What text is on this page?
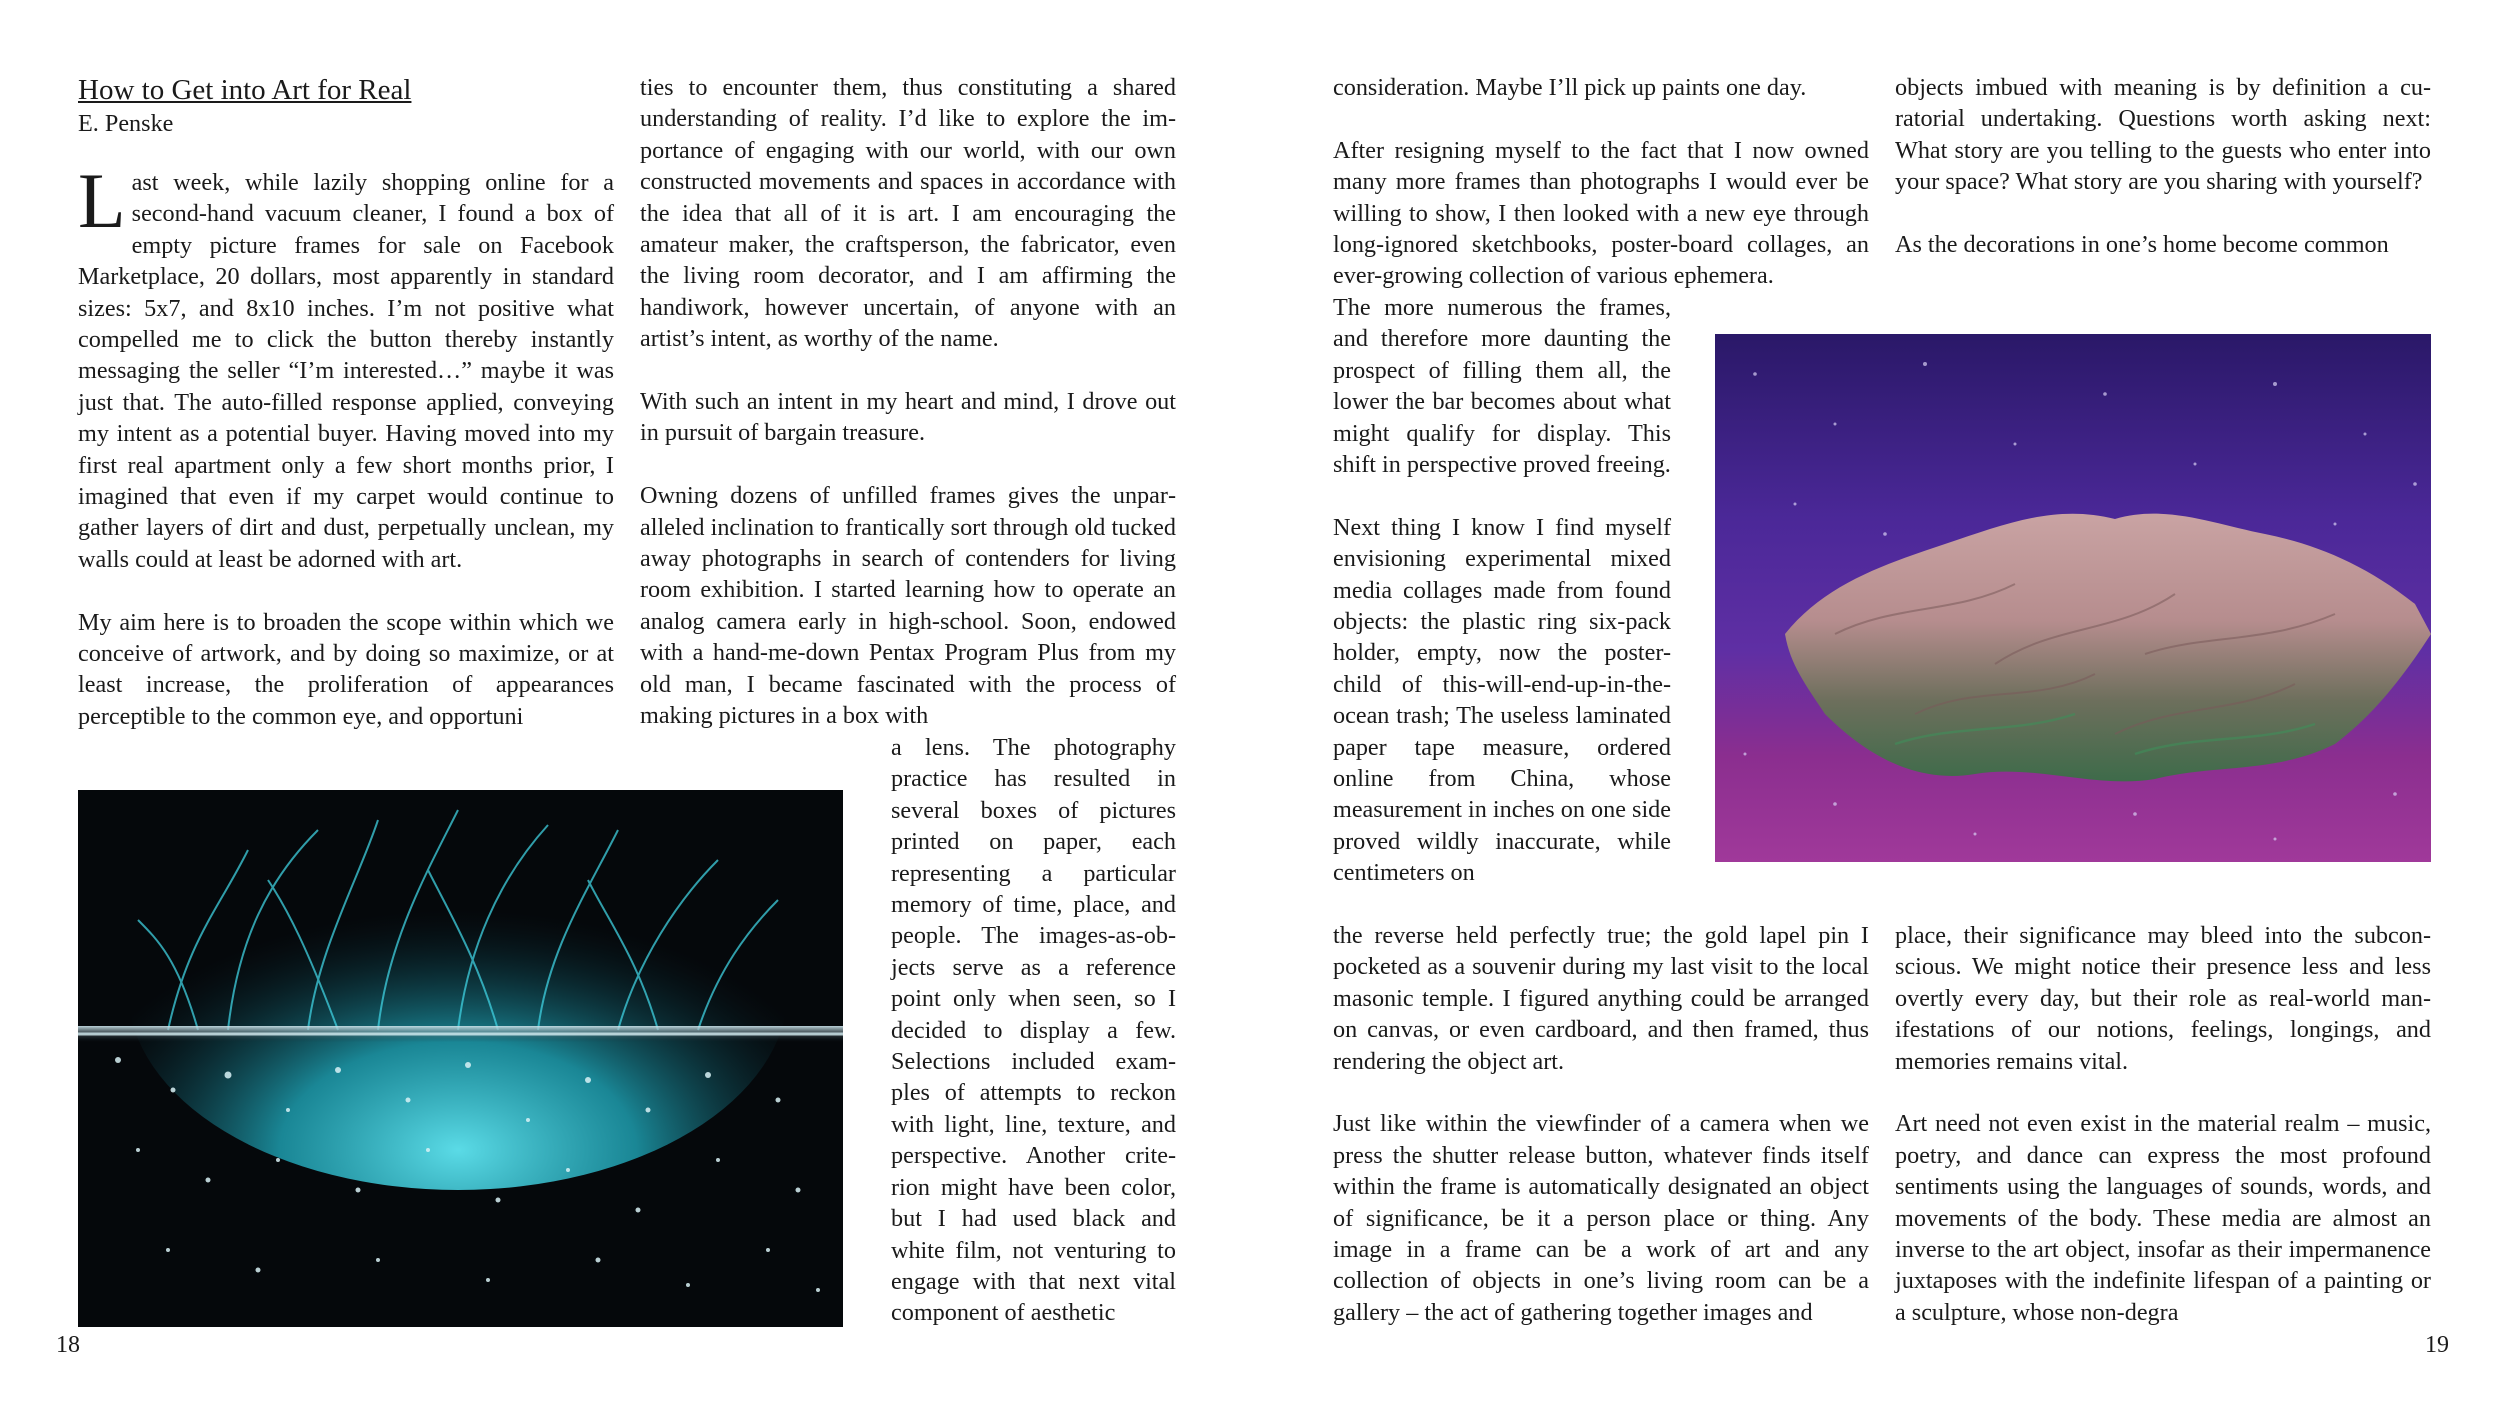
How to Get into Art for Real
E. Penske

Last week, while lazily shopping online for a second-hand vacuum cleaner, I found a box of empty picture frames for sale on Facebook Marketplace, 20 dollars, most apparently in standard sizes: 5x7, and 8x10 inches. I’m not positive what compelled me to click the button thereby instantly messaging the seller “I’m interested…” maybe it was just that. The auto-filled response applied, conveying my intent as a potential buyer. Having moved into my first real apartment only a few short months prior, I imagined that even if my carpet would continue to gather layers of dirt and dust, perpetually unclean, my walls could at least be adorned with art.

My aim here is to broaden the scope within which we conceive of artwork, and by doing so maximize, or at least increase, the proliferation of appearances perceptible to the common eye, and opportuni

ties to encounter them, thus constituting a shared understanding of reality. I’d like to explore the importance of engaging with our world, with our own constructed movements and spaces in accordance with the idea that all of it is art. I am encouraging the amateur maker, the craftsperson, the fabricator, even the living room decorator, and I am affirming the handiwork, however uncertain, of anyone with an artist’s intent, as worthy of the name.

With such an intent in my heart and mind, I drove out in pursuit of bargain treasure.

Owning dozens of unfilled frames gives the unparalleled inclination to frantically sort through old tucked away photographs in search of contenders for living room exhibition. I started learning how to operate an analog camera early in high-school. Soon, endowed with a hand-me-down Pentax Program Plus from my old man, I became fascinated with the process of making pictures in a box with

a lens. The photography practice has resulted in several boxes of pictures printed on paper, each representing a particular memory of time, place, and people. The images-as-objects serve as a reference point only when seen, so I decided to display a few. Selections included examples of attempts to reckon with light, line, texture, and perspective. Another criterion might have been color, but I had used black and white film, not venturing to engage with that next vital component of aesthetic

18

consideration. Maybe I’ll pick up paints one day.

After resigning myself to the fact that I now owned many more frames than photographs I would ever be willing to show, I then looked with a new eye through long-ignored sketchbooks, poster-board collages, an ever-growing collection of various ephemera.

The more numerous the frames, and therefore more daunting the prospect of filling them all, the lower the bar becomes about what might qualify for display. This shift in perspective proved freeing.

Next thing I know I find myself envisioning experimental mixed media collages made from found objects: the plastic ring six-pack holder, empty, now the poster-child of this-will-end-up-in-the-ocean trash; The useless laminated paper tape measure, ordered online from China, whose measurement in inches on one side proved wildly inaccurate, while centimeters on

the reverse held perfectly true; the gold lapel pin I pocketed as a souvenir during my last visit to the local masonic temple. I figured anything could be arranged on canvas, or even cardboard, and then framed, thus rendering the object art.

Just like within the viewfinder of a camera when we press the shutter release button, whatever finds itself within the frame is automatically designated an object of significance, be it a person place or thing. Any image in a frame can be a work of art and any collection of objects in one’s living room can be a gallery – the act of gathering together images and

objects imbued with meaning is by definition a curatorial undertaking. Questions worth asking next: What story are you telling to the guests who enter into your space? What story are you sharing with yourself?

As the decorations in one’s home become common

place, their significance may bleed into the subconscious. We might notice their presence less and less overtly every day, but their role as real-world manifestations of our notions, feelings, longings, and memories remains vital.

Art need not even exist in the material realm – music, poetry, and dance can express the most profound sentiments using the languages of sounds, words, and movements of the body. These media are almost an inverse to the art object, insofar as their impermanence juxtaposes with the indefinite lifespan of a painting or a sculpture, whose non-degra

19
